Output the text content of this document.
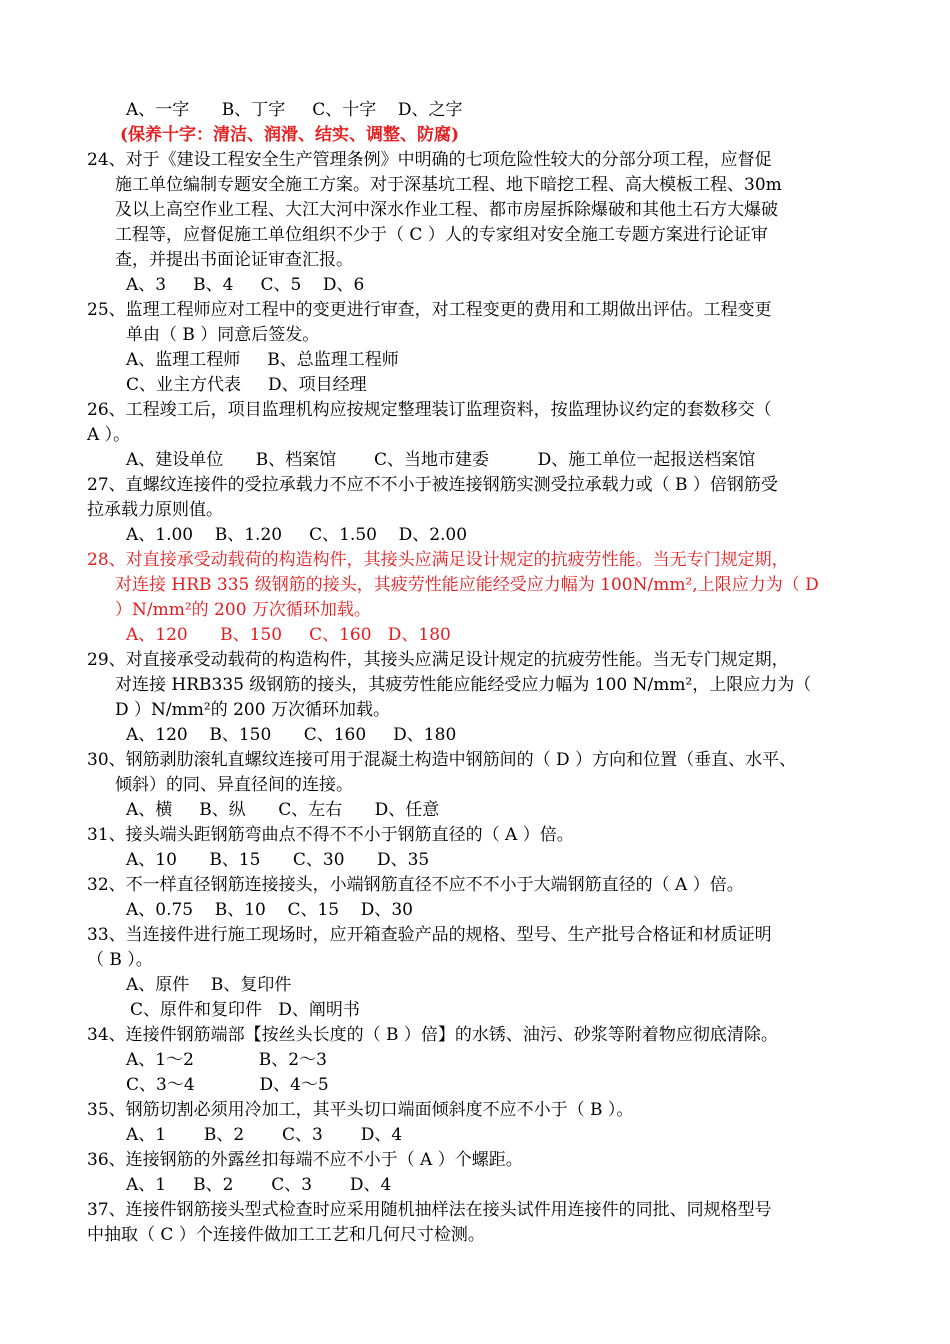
A、一字      B、丁字     C、十字    D、之字
(保养十字：清洁、润滑、结实、调整、防腐)
24、对于《建设工程安全生产管理条例》中明确的七项危险性较大的分部分项工程，应督促
施工单位编制专题安全施工方案。对于深基坑工程、地下暗挖工程、高大模板工程、30m
及以上高空作业工程、大江大河中深水作业工程、都市房屋拆除爆破和其他土石方大爆破
工程等，应督促施工单位组织不少于（ C ）人的专家组对安全施工专题方案进行论证审
查，并提出书面论证审查汇报。
A、3     B、4     C、5    D、6
25、监理工程师应对工程中的变更进行审查，对工程变更的费用和工期做出评估。工程变更
单由（ B ）同意后签发。
A、监理工程师     B、总监理工程师
C、业主方代表     D、项目经理
26、工程竣工后，项目监理机构应按规定整理装订监理资料，按监理协议约定的套数移交（
A ）。
A、建设单位      B、档案馆       C、当地市建委         D、施工单位一起报送档案馆
27、直螺纹连接件的受拉承载力不应不不小于被连接钢筋实测受拉承载力或（ B ）倍钢筋受
拉承载力原则值。
A、1.00    B、1.20     C、1.50    D、2.00
28、对直接承受动载荷的构造构件，其接头应满足设计规定的抗疲劳性能。当无专门规定期，
对连接 HRB 335 级钢筋的接头，其疲劳性能应能经受应力幅为 100N/mm²,上限应力为（ D
）N/mm²的 200 万次循环加载。
A、120      B、150     C、160   D、180
29、对直接承受动载荷的构造构件，其接头应满足设计规定的抗疲劳性能。当无专门规定期，
对连接 HRB335 级钢筋的接头，其疲劳性能应能经受应力幅为 100 N/mm²，上限应力为（
D ）N/mm²的 200 万次循环加载。
A、120    B、150      C、160     D、180
30、钢筋剥肋滚轧直螺纹连接可用于混凝土构造中钢筋间的（ D ）方向和位置（垂直、水平、
倾斜）的同、异直径间的连接。
A、横     B、纵      C、左右      D、任意
31、接头端头距钢筋弯曲点不得不不小于钢筋直径的（ A ）倍。
A、10      B、15      C、30      D、35
32、不一样直径钢筋连接接头，小端钢筋直径不应不不小于大端钢筋直径的（ A ）倍。
A、0.75    B、10    C、15    D、30
33、当连接件进行施工现场时，应开箱查验产品的规格、型号、生产批号合格证和材质证明
（ B ）。
A、原件    B、复印件
C、原件和复印件   D、阐明书
34、连接件钢筋端部【按丝头长度的（ B ）倍】的水锈、油污、砂浆等附着物应彻底清除。
A、1～2            B、2～3
C、3～4            D、4～5
35、钢筋切割必须用冷加工，其平头切口端面倾斜度不应不小于（ B ）。
A、1       B、2       C、3       D、4
36、连接钢筋的外露丝扣每端不应不小于（ A ）个螺距。
A、1     B、2       C、3       D、4
37、连接件钢筋接头型式检查时应采用随机抽样法在接头试件用连接件的同批、同规格型号
中抽取（ C ）个连接件做加工工艺和几何尺寸检测。
